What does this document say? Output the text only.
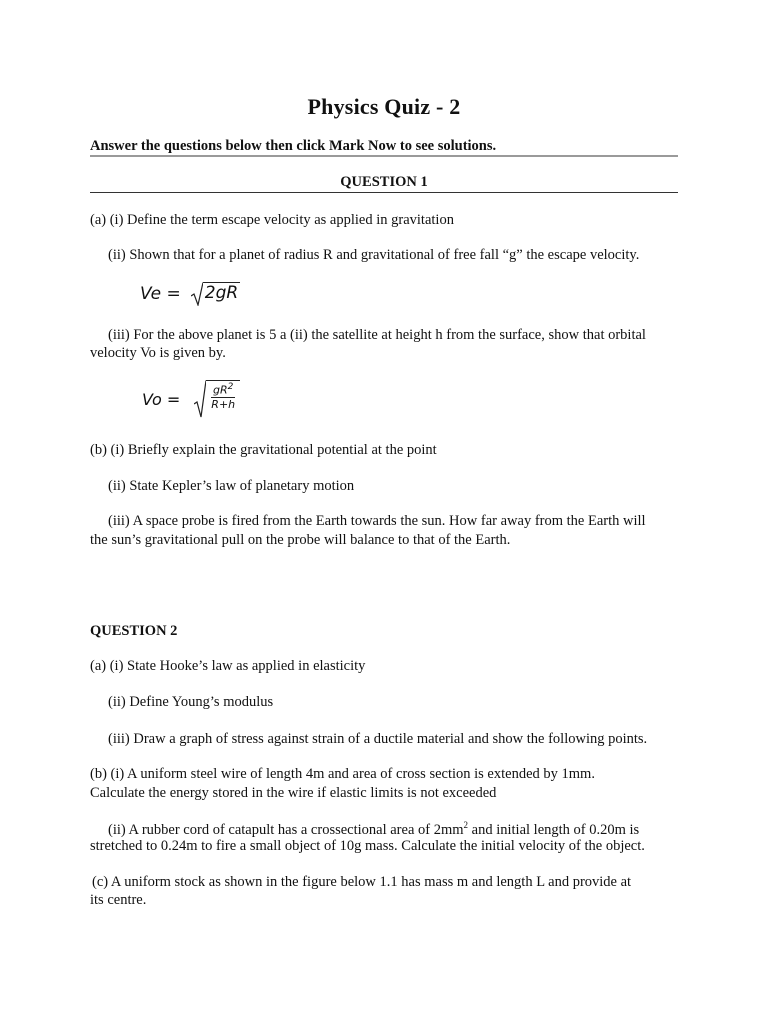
Physics Quiz - 2
Answer the questions below then click Mark Now to see solutions.
QUESTION 1
(a) (i) Define the term escape velocity as applied in gravitation
(ii) Shown that for a planet of radius R and gravitational of free fall “g” the escape velocity.
Ve = 2gR
(iii) For the above planet is 5 a (ii) the satellite at height h from the surface, show that orbital
velocity Vo is given by.
$Vo = \frac{gR^2}{R+h}$
(b) (i) Briefly explain the gravitational potential at the point
(ii) State Kepler’s law of planetary motion
(iii) A space probe is fired from the Earth towards the sun. How far away from the Earth will
the sun’s gravitational pull on the probe will balance to that of the Earth.
QUESTION 2
(a) (i) State Hooke’s law as applied in elasticity
(ii) Define Young’s modulus
(iii) Draw a graph of stress against strain of a ductile material and show the following points.
(b) (i) A uniform steel wire of length 4m and area of cross section is extended by 1mm.
Calculate the energy stored in the wire if elastic limits is not exceeded
(ii) A rubber cord of catapult has a crossectional area of $2mm^2$ and initial length of 0.20m is
stretched to 0.24m to fire a small object of 10g mass. Calculate the initial velocity of the object.
(c) A uniform stock as shown in the figure below 1.1 has mass m and length L and provide at
its centre.
